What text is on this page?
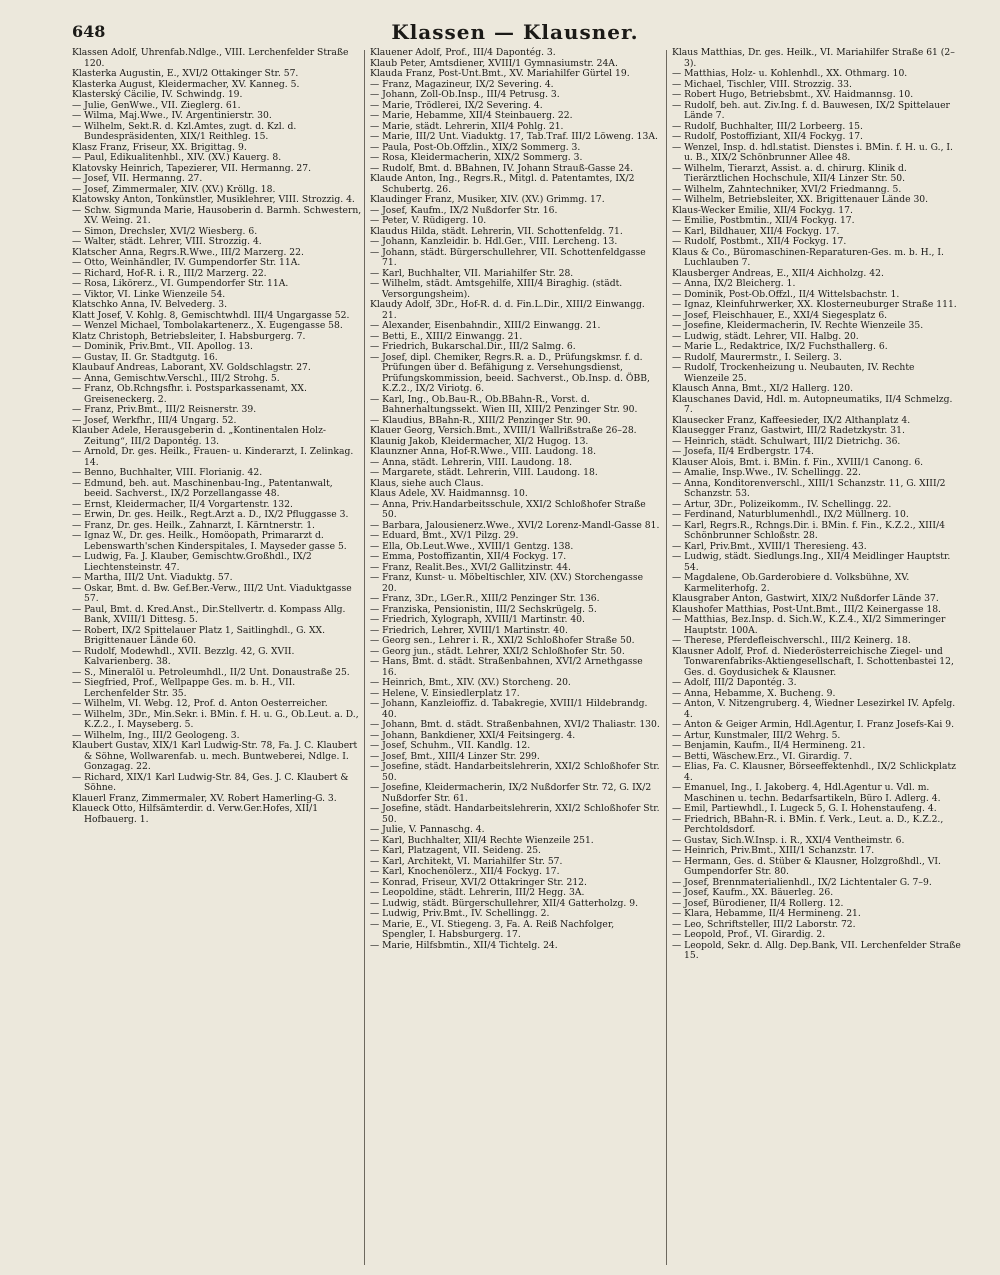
648	Klassen — Klausner.

Klassen Adolf, Uhrenfab.Ndlge., VIII. Lerchenfelder Straße 120.

Klasterka Augustin, E., XVI/2 Ottakinger Str. 57.

Klasterka August, Kleidermacher, XV. Kanneg. 5.

Klasterský Cäcilie, IV. Schwindg. 19.

— Julie, GenWwe., VII. Zieglerg. 61.

— Wilma, Maj.Wwe., IV. Argentinierstr. 30.

— Wilhelm, Sekt.R. d. Kzl.Amtes, zugt. d. Kzl. d. Bundespräsidenten, XIX/1 Reithleg. 15.

Klasz Franz, Friseur, XX. Brigittag. 9.

— Paul, Edikualitenhbl., XIV. (XV.) Kauerg. 8.

Klatovsky Heinrich, Tapezierer, VII. Hermanng. 27.

— Josef, VII. Hermanng. 27.

— Josef, Zimmermaler, XIV. (XV.) Kröllg. 18.

Klatowsky Anton, Tonkünstler, Musiklehrer, VIII. Strozzig. 4.

— Schw. Sigmunda Marie, Hausoberin d. Barmh. Schwestern, XV. Weing. 21.

— Simon, Drechsler, XVI/2 Wiesberg. 6.

— Walter, städt. Lehrer, VIII. Strozzig. 4.

Klatscher Anna, Regrs.R.Wwe., III/2 Marzerg. 22.

— Otto, Weinhändler, IV. Gumpendorfer Str. 11A.

— Richard, Hof-R. i. R., III/2 Marzerg. 22.

— Rosa, Likörerz., VI. Gumpendorfer Str. 11A.

— Viktor, VI. Linke Wienzeile 54.

Klatschko Anna, IV. Belvederg. 3.

Klatt Josef, V. Kohlg. 8, Gemischtwhdl. III/4 Ungargasse 52.

— Wenzel Michael, Tombolakartenerz., X. Eugengasse 58.

Klatz Christoph, Betriebsleiter, I. Habsburgerg. 7.

— Dominik, Priv.Bmt., VII. Apollog. 13.

— Gustav, II. Gr. Stadtgutg. 16.

Klaubauf Andreas, Laborant, XV. Goldschlagstr. 27.

— Anna, Gemischtw.Verschl., III/2 Strohg. 5.

— Franz, Ob.Rchngsfhr. i. Postsparkassenamt, XX. Greiseneckerg. 2.

— Franz, Priv.Bmt., III/2 Reisnerstr. 39.

— Josef, Werkfhr., III/4 Ungarg. 52.

Klauber Adele, Herausgeberin d. „Kontinentalen Holz-Zeitung“, III/2 Dapontég. 13.

— Arnold, Dr. ges. Heilk., Frauen- u. Kinderarzt, I. Zelinkag. 14.

— Benno, Buchhalter, VIII. Florianig. 42.

— Edmund, beh. aut. Maschinenbau-Ing., Patentanwalt, beeid. Sachverst., IX/2 Porzellangasse 48.

— Ernst, Kleidermacher, II/4 Vorgartenstr. 132.

— Erwin, Dr. ges. Heilk., Regt.Arzt a. D., IX/2 Pfluggasse 3.

— Franz, Dr. ges. Heilk., Zahnarzt, I. Kärntnerstr. 1.

— Ignaz W., Dr. ges. Heilk., Homöopath, Primararzt d. Lebenswarth'schen Kinderspitales, I. Mayseder gasse 5.

— Ludwig, Fa. J. Klauber, Gemischtw.Großhdl., IX/2 Liechtensteinstr. 47.

— Martha, III/2 Unt. Viaduktg. 57.

— Oskar, Bmt. d. Bw. Gef.Ber.-Verw., III/2 Unt. Viaduktgasse 57.

— Paul, Bmt. d. Kred.Anst., Dir.Stellvertr. d. Kompass Allg. Bank, XVIII/1 Dittesg. 5.

— Robert, IX/2 Spittelauer Platz 1, Saitlinghdl., G. XX. Brigittenauer Lände 60.

— Rudolf, Modewhdl., XVII. Bezzlg. 42, G. XVII. Kalvarienberg. 38.

— S., Mineralöl u. Petroleumhdl., II/2 Unt. Donaustraße 25.

— Siegfried, Prof., Wellpappe Ges. m. b. H., VII. Lerchenfelder Str. 35.

— Wilhelm, VI. Webg. 12, Prof. d. Anton Oesterreicher.

— Wilhelm, 3Dr., Min.Sekr. i. BMin. f. H. u. G., Ob.Leut. a. D., K.Z.2., I. Mayseberg. 5.

— Wilhelm, Ing., III/2 Geologeng. 3.

Klaubert Gustav, XIX/1 Karl Ludwig-Str. 78, Fa. J. C. Klaubert & Söhne, Wollwarenfab. u. mech. Buntweberei, Ndlge. I. Gonzagag. 22.

— Richard, XIX/1 Karl Ludwig-Str. 84, Ges. J. C. Klaubert & Söhne.

Klauerl Franz, Zimmermaler, XV. Robert Hamerling-G. 3.

Klaueck Otto, Hilfsämterdir. d. Verw.Ger.Hofes, XII/1 Hofbauerg. 1.

Klauener Adolf, Prof., III/4 Dapontég. 3.

Klaub Peter, Amtsdiener, XVIII/1 Gymnasiumstr. 24A.

Klauda Franz, Post-Unt.Bmt., XV. Mariahilfer Gürtel 19.

— Franz, Magazineur, IX/2 Severing. 4.

— Johann, Zoll-Ob.Insp., III/4 Petrusg. 3.

— Marie, Trödlerei, IX/2 Severing. 4.

— Marie, Hebamme, XII/4 Steinbauerg. 22.

— Marie, städt. Lehrerin, XII/4 Pohlg. 21.

— Marie, III/2 Unt. Viaduktg. 17, Tab.Traf. III/2 Löweng. 13A.

— Paula, Post-Ob.Offzlin., XIX/2 Sommerg. 3.

— Rosa, Kleidermacherin, XIX/2 Sommerg. 3.

— Rudolf, Bmt. d. BBahnen, IV. Johann Strauß-Gasse 24.

Klaude Anton, Ing., Regrs.R., Mitgl. d. Patentamtes, IX/2 Schubertg. 26.

Klaudinger Franz, Musiker, XIV. (XV.) Grimmg. 17.

— Josef, Kaufm., IX/2 Nußdorfer Str. 16.

— Peter, V. Rüdigerg. 10.

Klaudus Hilda, städt. Lehrerin, VII. Schottenfeldg. 71.

— Johann, Kanzleidir. b. Hdl.Ger., VIII. Lercheng. 13.

— Johann, städt. Bürgerschullehrer, VII. Schottenfeldgasse 71.

— Karl, Buchhalter, VII. Mariahilfer Str. 28.

— Wilhelm, städt. Amtsgehilfe, XIII/4 Biraghig. (städt. Versorgungsheim).

Klaudy Adolf, 3Dr., Hof-R. d. d. Fin.L.Dir., XIII/2 Einwangg. 21.

— Alexander, Eisenbahndir., XIII/2 Einwangg. 21.

— Betti, E., XIII/2 Einwangg. 21.

— Friedrich, Bukarschal.Dir., III/2 Salmg. 6.

— Josef, dipl. Chemiker, Regrs.R. a. D., Prüfungskmsr. f. d. Prüfungen über d. Befähigung z. Versehungsdienst, Prüfungskommission, beeid. Sachverst., Ob.Insp. d. ÖBB, K.Z.2., IX/2 Viriotg. 6.

— Karl, Ing., Ob.Bau-R., Ob.BBahn-R., Vorst. d. Bahnerhaltungssekt. Wien III, XIII/2 Penzinger Str. 90.

— Klaudius, BBahn-R., XIII/2 Penzinger Str. 90.

Klauer Georg, Versich.Bmt., XVIII/1 Wallrißstraße 26–28.

Klaunig Jakob, Kleidermacher, XI/2 Hugog. 13.

Klaunzner Anna, Hof-R.Wwe., VIII. Laudong. 18.

— Anna, städt. Lehrerin, VIII. Laudong. 18.

— Margarete, städt. Lehrerin, VIII. Laudong. 18.

Klaus, siehe auch Claus.

Klaus Adele, XV. Haidmannsg. 10.

— Anna, Priv.Handarbeitsschule, XXI/2 Schloßhofer Straße 50.

— Barbara, Jalousienerz.Wwe., XVI/2 Lorenz-Mandl-Gasse 81.

— Eduard, Bmt., XV/1 Pilzg. 29.

— Ella, Ob.Leut.Wwe., XVIII/1 Gentzg. 138.

— Emma, Postoffizantin, XII/4 Fockyg. 17.

— Franz, Realit.Bes., XVI/2 Gallitzinstr. 44.

— Franz, Kunst- u. Möbeltischler, XIV. (XV.) Storchengasse 20.

— Franz, 3Dr., LGer.R., XIII/2 Penzinger Str. 136.

— Franziska, Pensionistin, III/2 Sechskrügelg. 5.

— Friedrich, Xylograph, XVIII/1 Martinstr. 40.

— Friedrich, Lehrer, XVIII/1 Martinstr. 40.

— Georg sen., Lehrer i. R., XXI/2 Schloßhofer Straße 50.

— Georg jun., städt. Lehrer, XXI/2 Schloßhofer Str. 50.

— Hans, Bmt. d. städt. Straßenbahnen, XVI/2 Arnethgasse 16.

— Heinrich, Bmt., XIV. (XV.) Storcheng. 20.

— Helene, V. Einsiedlerplatz 17.

— Johann, Kanzleioffiz. d. Tabakregie, XVIII/1 Hildebrandg. 40.

— Johann, Bmt. d. städt. Straßenbahnen, XVI/2 Thaliastr. 130.

— Johann, Bankdiener, XXI/4 Feitsingerg. 4.

— Josef, Schuhm., VII. Kandlg. 12.

— Josef, Bmt., XIII/4 Linzer Str. 299.

— Josefine, städt. Handarbeitslehrerin, XXI/2 Schloßhofer Str. 50.

— Josefine, Kleidermacherin, IX/2 Nußdorfer Str. 72, G. IX/2 Nußdorfer Str. 61.

— Josefine, städt. Handarbeitslehrerin, XXI/2 Schloßhofer Str. 50.

— Julie, V. Pannaschg. 4.

— Karl, Buchhalter, XII/4 Rechte Wienzeile 251.

— Karl, Platzagent, VII. Seideng. 25.

— Karl, Architekt, VI. Mariahilfer Str. 57.

— Karl, Knochenölerz., XII/4 Fockyg. 17.

— Konrad, Friseur, XVI/2 Ottakringer Str. 212.

— Leopoldine, städt. Lehrerin, III/2 Hegg. 3A.

— Ludwig, städt. Bürgerschullehrer, XII/4 Gatterholzg. 9.

— Ludwig, Priv.Bmt., IV. Schellingg. 2.

— Marie, E., VI. Stiegeng. 3, Fa. A. Reiß Nachfolger, Spengler, I. Habsburgerg. 17.

— Marie, Hilfsbmtin., XII/4 Tichtelg. 24.

Klaus Matthias, Dr. ges. Heilk., VI. Mariahilfer Straße 61 (2–3).

— Matthias, Holz- u. Kohlenhdl., XX. Othmarg. 10.

— Michael, Tischler, VIII. Strozzig. 33.

— Robert Hugo, Betriebsbmt., XV. Haidmannsg. 10.

— Rudolf, beh. aut. Ziv.Ing. f. d. Bauwesen, IX/2 Spittelauer Lände 7.

— Rudolf, Buchhalter, III/2 Lorbeerg. 15.

— Rudolf, Postoffiziant, XII/4 Fockyg. 17.

— Wenzel, Insp. d. hdl.statist. Dienstes i. BMin. f. H. u. G., I. u. B., XIX/2 Schönbrunner Allee 48.

— Wilhelm, Tierarzt, Assist. a. d. chirurg. Klinik d. Tierärztlichen Hochschule, XII/4 Linzer Str. 50.

— Wilhelm, Zahntechniker, XVI/2 Friedmanng. 5.

— Wilhelm, Betriebsleiter, XX. Brigittenauer Lände 30.

Klaus-Wecker Emilie, XII/4 Fockyg. 17.

— Emilie, Postbmtin., XII/4 Fockyg. 17.

— Karl, Bildhauer, XII/4 Fockyg. 17.

— Rudolf, Postbmt., XII/4 Fockyg. 17.

Klaus & Co., Büromaschinen-Reparaturen-Ges. m. b. H., I. Luchlauben 7.

Klausberger Andreas, E., XII/4 Aichholzg. 42.

— Anna, IX/2 Bleicherg. 1.

— Dominik, Post-Ob.Offzl., II/4 Wittelsbachstr. 1.

— Ignaz, Kleinfuhrwerker, XX. Klosterneuburger Straße 111.

— Josef, Fleischhauer, E., XXI/4 Siegesplatz 6.

— Josefine, Kleidermacherin, IV. Rechte Wienzeile 35.

— Ludwig, städt. Lehrer, VII. Halbg. 20.

— Marie L., Redaktrice, IX/2 Fuchsthallerg. 6.

— Rudolf, Maurermstr., I. Seilerg. 3.

— Rudolf, Trockenheizung u. Neubauten, IV. Rechte Wienzeile 25.

Klausch Anna, Bmt., XI/2 Hallerg. 120.

Klauschanes David, Hdl. m. Autopneumatiks, II/4 Schmelzg. 7.

Klausecker Franz, Kaffeesieder, IX/2 Althanplatz 4.

Klausegger Franz, Gastwirt, III/2 Radetzkystr. 31.

— Heinrich, städt. Schulwart, III/2 Dietrichg. 36.

— Josefa, II/4 Erdbergstr. 174.

Klauser Alois, Bmt. i. BMin. f. Fin., XVIII/1 Canong. 6.

— Amalie, Insp.Wwe., IV. Schellingg. 22.

— Anna, Konditorenverschl., XIII/1 Schanzstr. 11, G. XIII/2 Schanzstr. 53.

— Artur, 3Dr., Polizeikomm., IV. Schellingg. 22.

— Ferdinand, Naturblumenhdl., IX/2 Müllnerg. 10.

— Karl, Regrs.R., Rchngs.Dir. i. BMin. f. Fin., K.Z.2., XIII/4 Schönbrunner Schloßstr. 28.

— Karl, Priv.Bmt., XVIII/1 Theresieng. 43.

— Ludwig, städt. Siedlungs.Ing., XII/4 Meidlinger Hauptstr. 54.

— Magdalene, Ob.Garderobiere d. Volksbühne, XV. Karmeliterhofg. 2.

Klausgraber Anton, Gastwirt, XIX/2 Nußdorfer Lände 37.

Klaushofer Matthias, Post-Unt.Bmt., III/2 Keinergasse 18.

— Matthias, Bez.Insp. d. Sich.W., K.Z.4., XI/2 Simmeringer Hauptstr. 100A.

— Therese, Pferdefleischverschl., III/2 Keinerg. 18.

Klausner Adolf, Prof. d. Niederösterreichische Ziegel- und Tonwarenfabriks-Aktiengesellschaft, I. Schottenbastei 12, Ges. d. Goydusichek & Klausner.

— Adolf, III/2 Dapontég. 3.

— Anna, Hebamme, X. Bucheng. 9.

— Anton, V. Nitzengruberg. 4, Wiedner Lesezirkel IV. Apfelg. 4.

— Anton & Geiger Armin, Hdl.Agentur, I. Franz Josefs-Kai 9.

— Artur, Kunstmaler, III/2 Wehrg. 5.

— Benjamin, Kaufm., II/4 Hermineng. 21.

— Betti, Wäschew.Erz., VI. Girardig. 7.

— Elias, Fa. C. Klausner, Börseeffektenhdl., IX/2 Schlickplatz 4.

— Emanuel, Ing., I. Jakoberg. 4, Hdl.Agentur u. Vdl. m. Maschinen u. techn. Bedarfsartikeln, Büro I. Adlerg. 4.

— Emil, Partiewhdl., I. Lugeck 5, G. I. Hohenstaufeng. 4.

— Friedrich, BBahn-R. i. BMin. f. Verk., Leut. a. D., K.Z.2., Perchtoldsdorf.

— Gustav, Sich.W.Insp. i. R., XXI/4 Ventheimstr. 6.

— Heinrich, Priv.Bmt., XIII/1 Schanzstr. 17.

— Hermann, Ges. d. Stüber & Klausner, Holzgroßhdl., VI. Gumpendorfer Str. 80.

— Josef, Brennmaterialienhdl., IX/2 Lichtentaler G. 7–9.

— Josef, Kaufm., XX. Bäuerleg. 26.

— Josef, Bürodiener, II/4 Rollerg. 12.

— Klara, Hebamme, II/4 Hermineng. 21.

— Leo, Schriftsteller, III/2 Laborstr. 72.

— Leopold, Prof., VI. Girardig. 2.

— Leopold, Sekr. d. Allg. Dep.Bank, VII. Lerchenfelder Straße 15.
